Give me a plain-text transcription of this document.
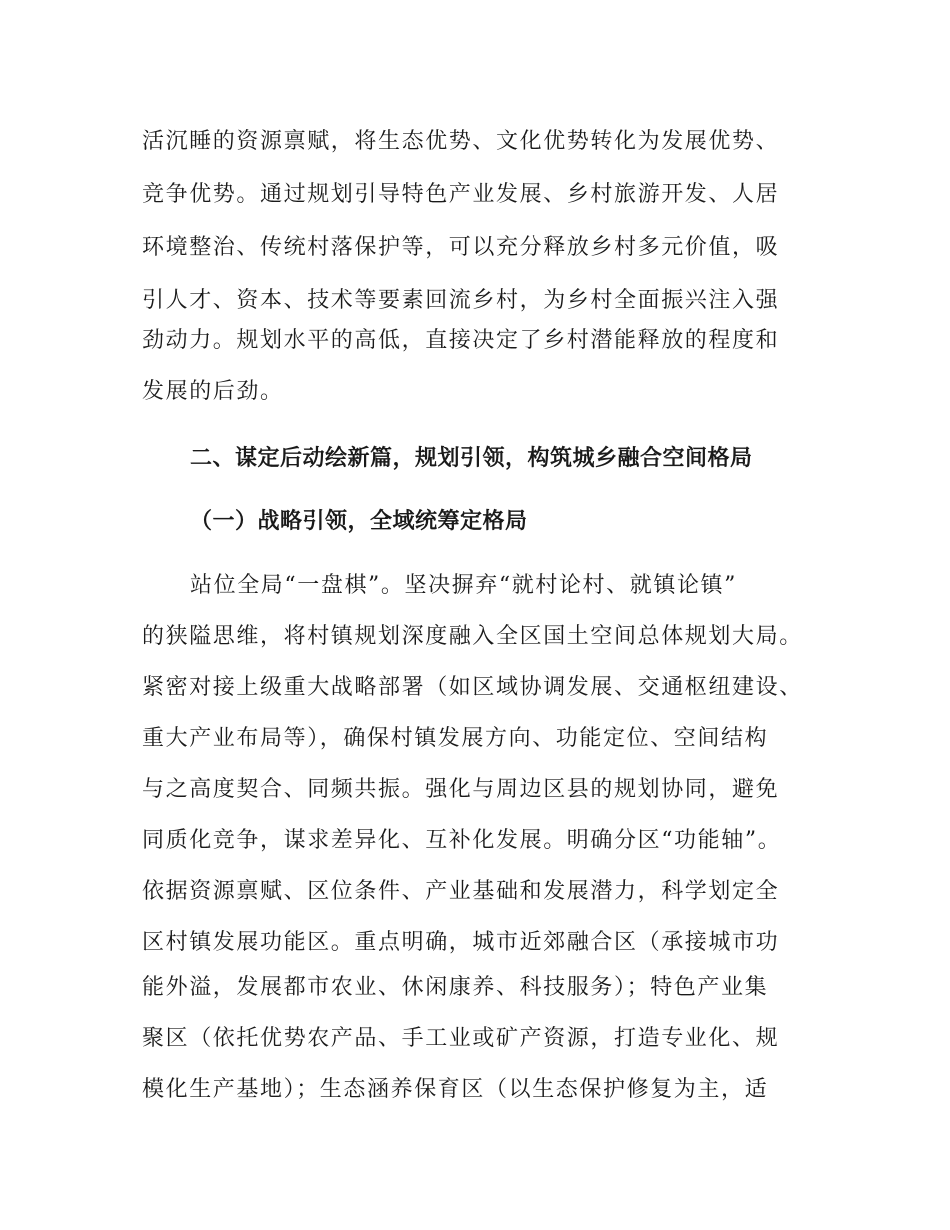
活沉睡的资源禀赋，将生态优势、文化优势转化为发展优势、
竞争优势。通过规划引导特色产业发展、乡村旅游开发、人居
环境整治、传统村落保护等，可以充分释放乡村多元价值，吸
引人才、资本、技术等要素回流乡村，为乡村全面振兴注入强
劲动力。规划水平的高低，直接决定了乡村潜能释放的程度和
发展的后劲。
二、谋定后动绘新篇，规划引领，构筑城乡融合空间格局
（一）战略引领，全域统筹定格局
站位全局“一盘棋”。坚决摒弃“就村论村、就镇论镇”
的狭隘思维，将村镇规划深度融入全区国土空间总体规划大局。
紧密对接上级重大战略部署（如区域协调发展、交通枢纽建设、
重大产业布局等），确保村镇发展方向、功能定位、空间结构
与之高度契合、同频共振。强化与周边区县的规划协同，避免
同质化竞争，谋求差异化、互补化发展。明确分区“功能轴”。
依据资源禀赋、区位条件、产业基础和发展潜力，科学划定全
区村镇发展功能区。重点明确，城市近郊融合区（承接城市功
能外溢，发展都市农业、休闲康养、科技服务）；特色产业集
聚区（依托优势农产品、手工业或矿产资源，打造专业化、规
模化生产基地）；生态涵养保育区（以生态保护修复为主，适
